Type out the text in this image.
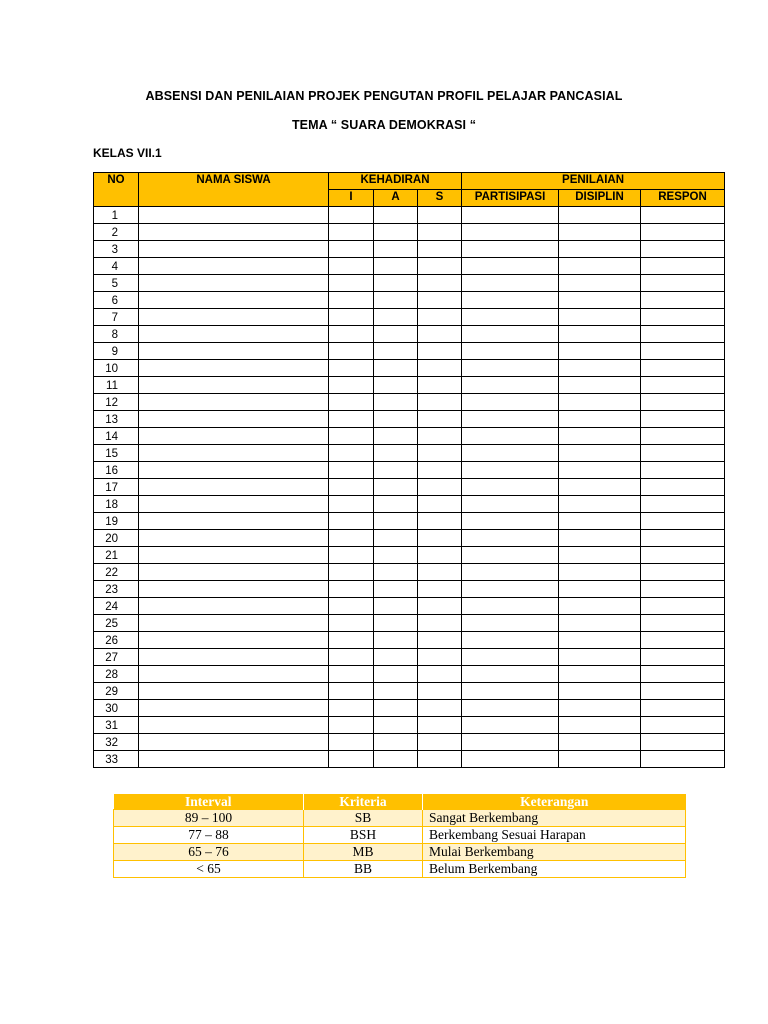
ABSENSI DAN PENILAIAN PROJEK PENGUTAN PROFIL PELAJAR PANCASIAL
TEMA “ SUARA DEMOKRASI “
KELAS VII.1
NO	NAMA SISWA	KEHADIRAN			PENILAIAN		
		I	A	S	PARTISIPASI	DISIPLIN	RESPON
1							
2							
3							
4							
5							
6							
7							
8							
9							
10							
11							
12							
13							
14							
15							
16							
17							
18							
19							
20							
21							
22							
23							
24							
25							
26							
27							
28							
29							
30							
31							
32							
33							
Interval	Kriteria	Keterangan
89 – 100	SB	Sangat Berkembang
77 – 88	BSH	Berkembang Sesuai Harapan
65 – 76	MB	Mulai Berkembang
< 65	BB	Belum Berkembang
